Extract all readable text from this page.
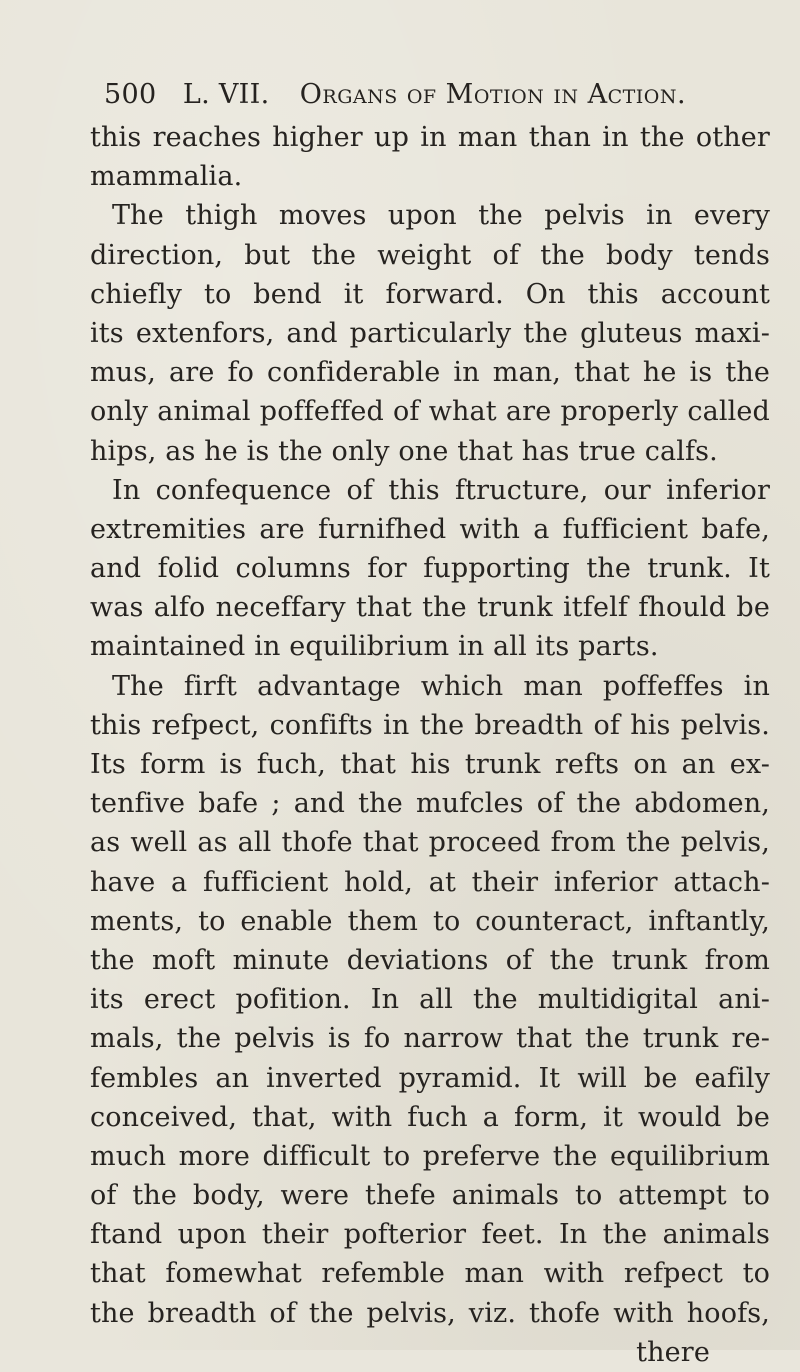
500 L. VII. Organs of Motion in Action.
this reaches higher up in man than in the other
mammalia.
The thigh moves upon the pelvis in every
direction, but the weight of the body tends
chiefly to bend it forward. On this account
its extenfors, and particularly the gluteus maxi-
mus, are fo confiderable in man, that he is the
only animal poffeffed of what are properly called
hips, as he is the only one that has true calfs.
In confequence of this ftructure, our inferior
extremities are furnifhed with a fufficient bafe,
and folid columns for fupporting the trunk. It
was alfo neceffary that the trunk itfelf fhould be
maintained in equilibrium in all its parts.
The firft advantage which man poffeffes in
this refpect, confifts in the breadth of his pelvis.
Its form is fuch, that his trunk refts on an ex-
tenfive bafe ; and the mufcles of the abdomen,
as well as all thofe that proceed from the pelvis,
have a fufficient hold, at their inferior attach-
ments, to enable them to counteract, inftantly,
the moft minute deviations of the trunk from
its erect pofition. In all the multidigital ani-
mals, the pelvis is fo narrow that the trunk re-
fembles an inverted pyramid. It will be eafily
conceived, that, with fuch a form, it would be
much more difficult to preferve the equilibrium
of the body, were thefe animals to attempt to
ftand upon their pofterior feet. In the animals
that fomewhat refemble man with refpect to
the breadth of the pelvis, viz. thofe with hoofs,
there
